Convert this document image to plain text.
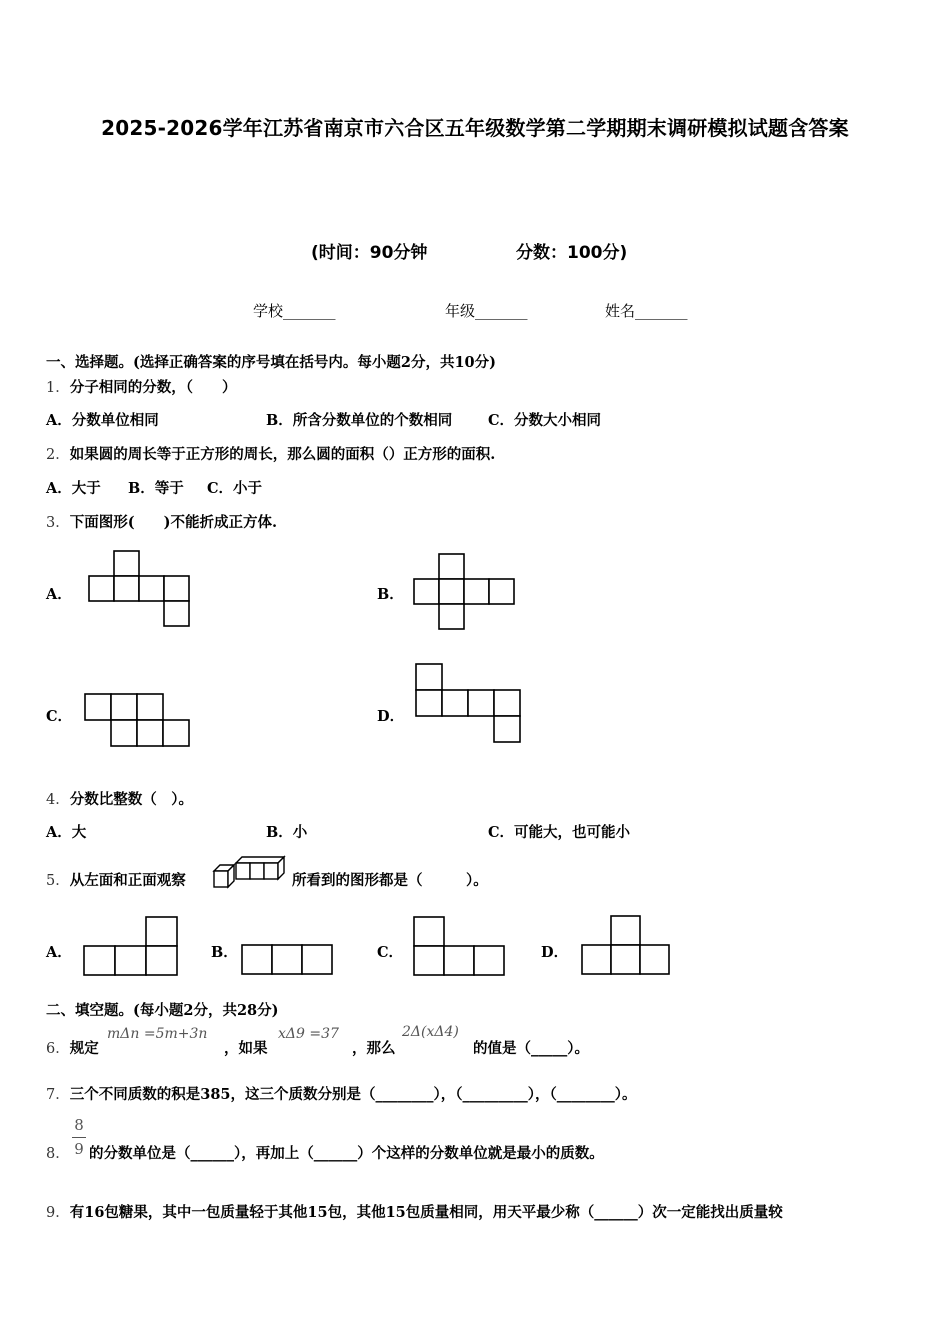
2025-2026学年江苏省南京市六合区五年级数学第二学期期末调研模拟试题含答案
(时间：90分钟	分数：100分)
学校_______	年级_______	姓名_______
一、选择题。(选择正确答案的序号填在括号内。每小题2分，共10分)
1．分子相同的分数，（　　）
A．分数单位相同	B．所含分数单位的个数相同 C．分数大小相同
2．如果圆的周长等于正方形的周长，那么圆的面积（）正方形的面积.
A．大于 B．等于 C．小于
3．下面图形(　　)不能折成正方体.
A．	B．
C．	D．
4．分数比整数（　）。
A．大	B．小	C．可能大，也可能小
5．从左面和正面观察	所看到的图形都是（　　　）。
A．	B．	C．	D．
二、填空题。(每小题2分，共28分)
6．规定
mΔn =5m+3n
，如果
xΔ9 =37
，那么
2Δ(xΔ4)
的值是（_____）。
7．三个不同质数的积是385，这三个质数分别是（________），（_________），（________）。
8．
8
9 的分数单位是（______），再加上（______）个这样的分数单位就是最小的质数。
9．有16包糖果，其中一包质量轻于其他15包，其他15包质量相同，用天平最少称（______）次一定能找出质量较
